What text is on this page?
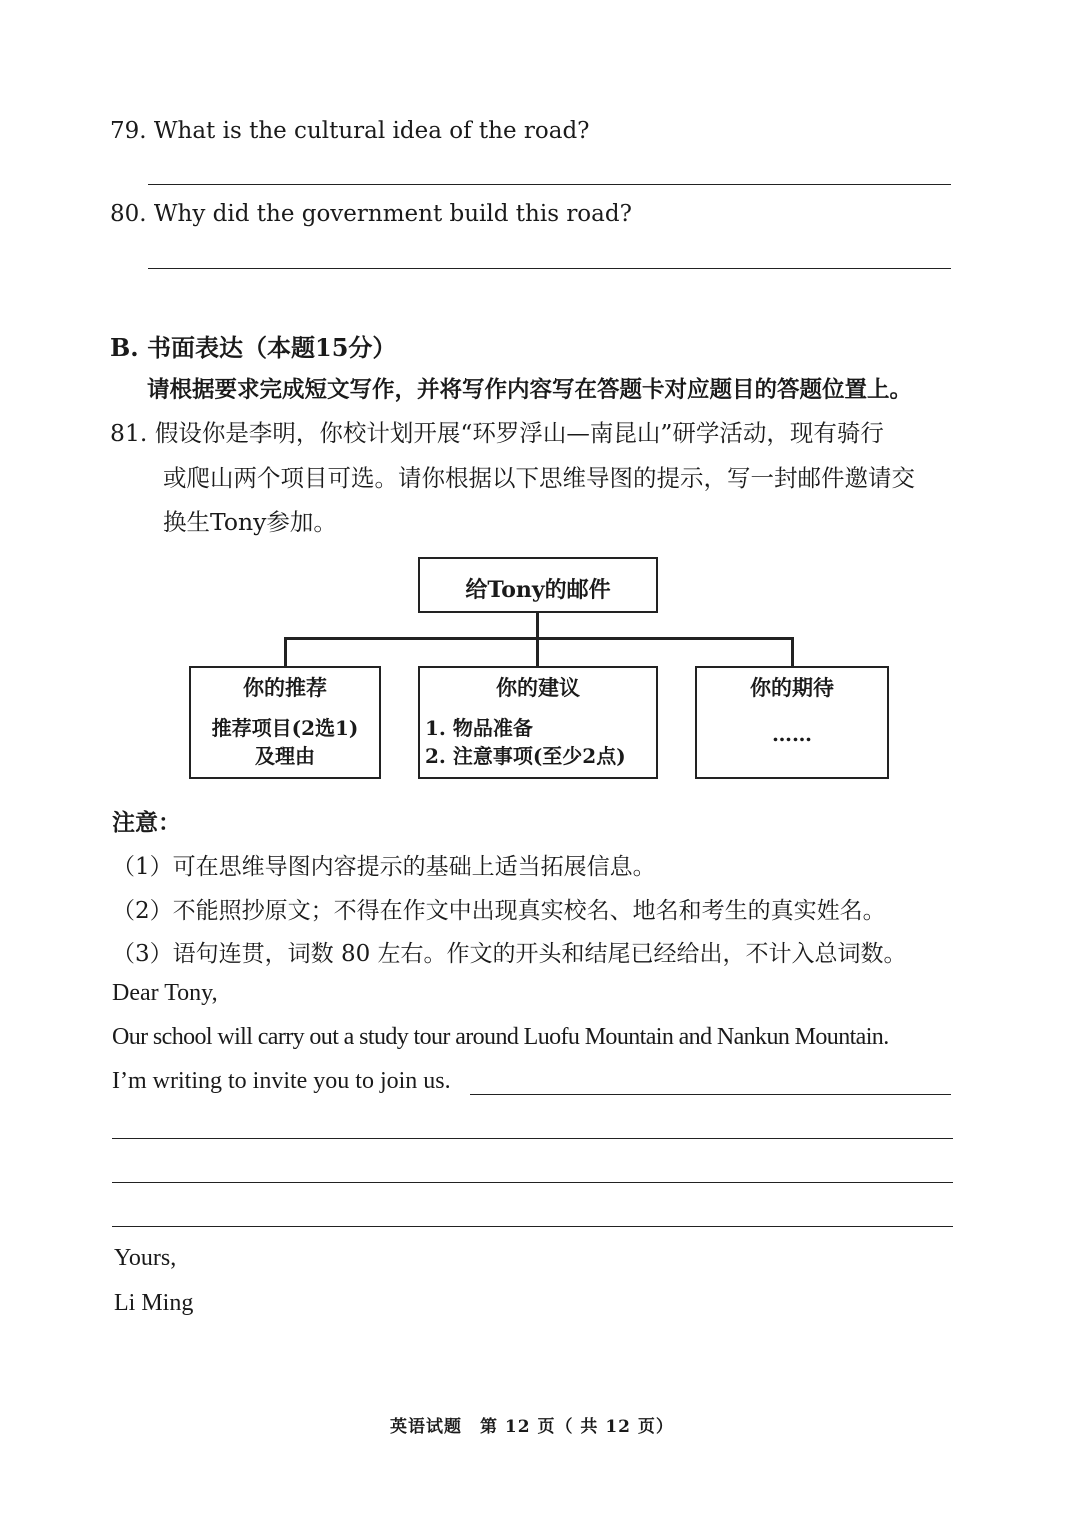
79. What is the cultural idea of the road?
80. Why did the government build this road?
B. 书面表达（本题15分）
请根据要求完成短文写作，并将写作内容写在答题卡对应题目的答题位置上。
81. 假设你是李明，你校计划开展“环罗浮山—南昆山”研学活动，现有骑行
或爬山两个项目可选。请你根据以下思维导图的提示，写一封邮件邀请交
换生Tony参加。
给Tony的邮件
你的推荐
推荐项目(2选1)
及理由
你的建议
1. 物品准备
2. 注意事项(至少2点)
你的期待
……
注意：
（1）可在思维导图内容提示的基础上适当拓展信息。
（2）不能照抄原文；不得在作文中出现真实校名、地名和考生的真实姓名。
（3）语句连贯，词数 80 左右。作文的开头和结尾已经给出，不计入总词数。
Dear Tony,
Our school will carry out a study tour around Luofu Mountain and Nankun Mountain.
I’m writing to invite you to join us.
Yours,
Li Ming
英语试题　第 12 页（ 共 12 页）
